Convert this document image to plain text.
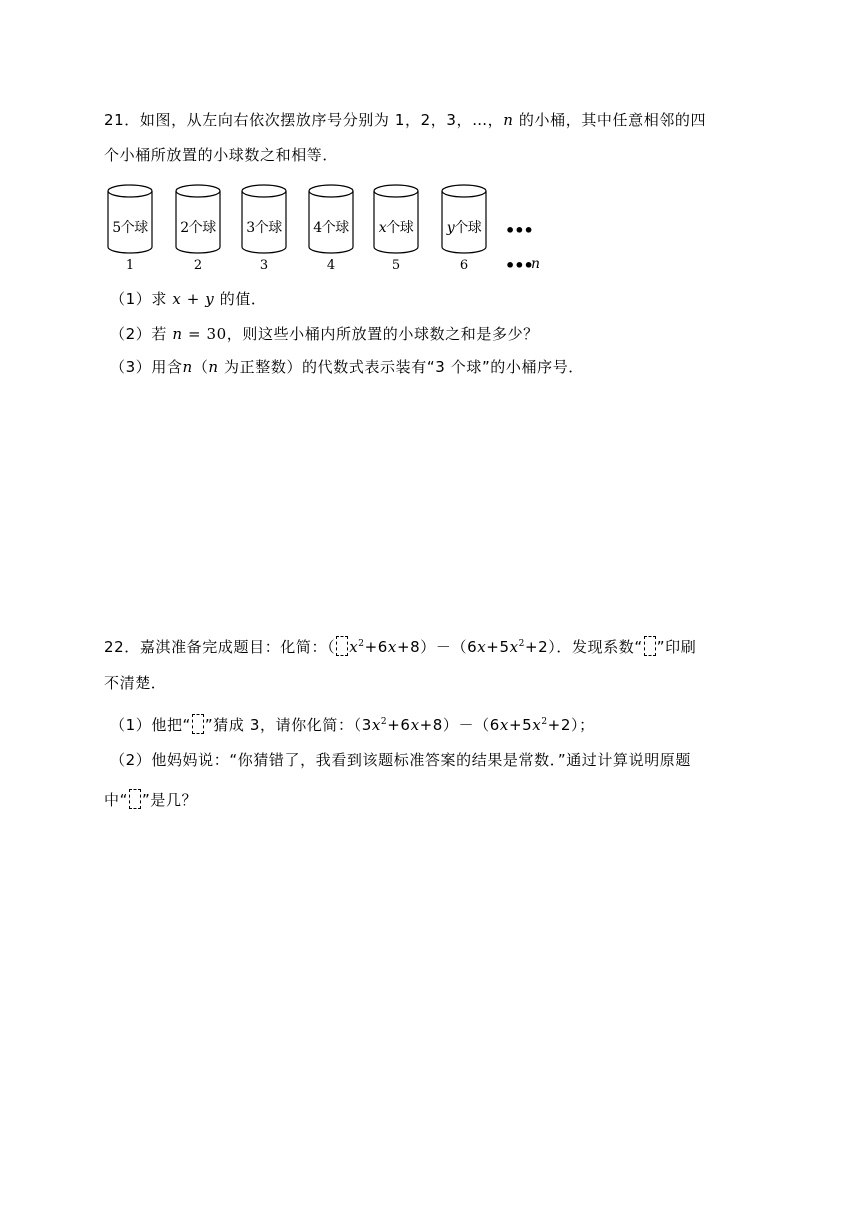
21．如图，从左向右依次摆放序号分别为 1，2，3，…，n 的小桶，其中任意相邻的四
个小桶所放置的小球数之和相等．
5个球	2个球	3个球	4个球	x个球	y个球
1	2	3	4	5	6
•••
•••
n
（1）求 x + y 的值．
（2）若 n = 30，则这些小桶内所放置的小球数之和是多少？
（3）用含n（n 为正整数）的代数式表示装有“3 个球”的小桶序号．
22．嘉淇准备完成题目：化简：（ $x^2+6x+8)-(6x+5x^2+2)$．发现系数“ ”印刷
不清楚．
（1）他把“ ”猜成 3，请你化简：$(3x^2+6x+8)-(6x+5x^2+2)$；
（2）他妈妈说：“你猜错了，我看到该题标准答案的结果是常数．”通过计算说明原题
中“ ”是几？
